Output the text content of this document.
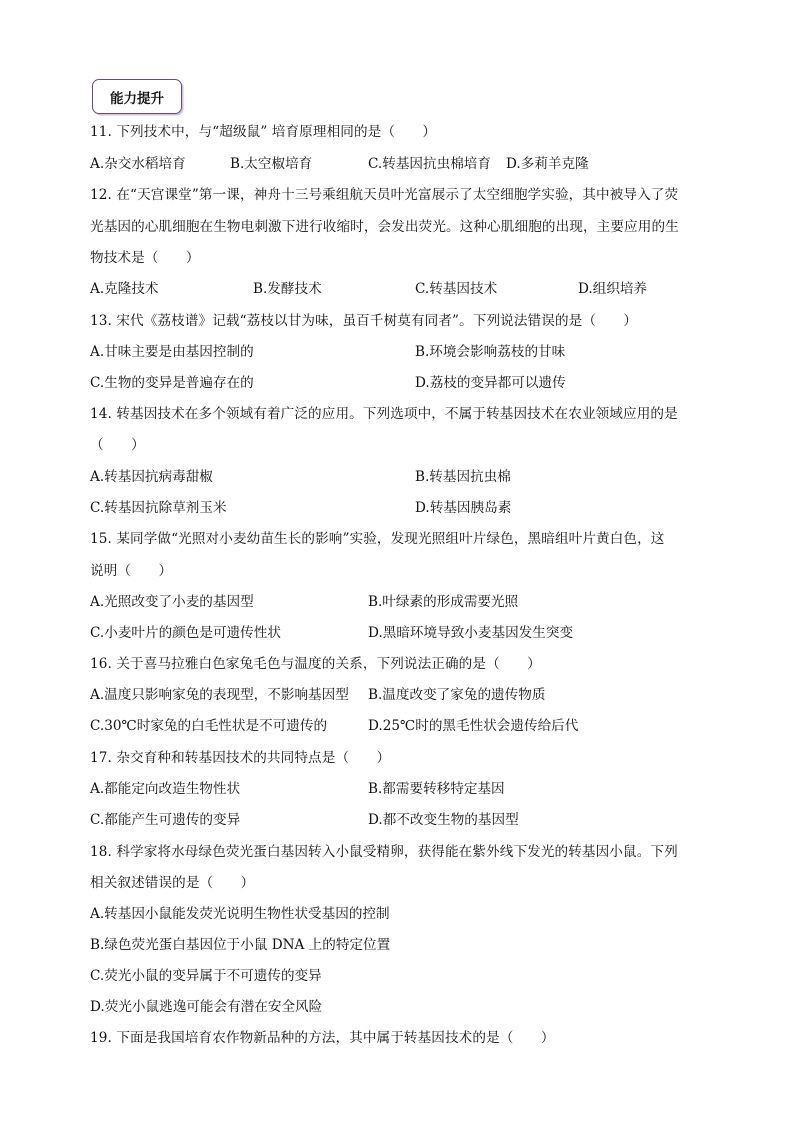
能力提升
11. 下列技术中，与“超级鼠” 培育原理相同的是（　　）
A.杂交水稻培育	B.太空椒培育	C.转基因抗虫棉培育 D.多莉羊克隆
12. 在“天宫课堂”第一课，神舟十三号乘组航天员叶光富展示了太空细胞学实验，其中被导入了荧
光基因的心肌细胞在生物电刺激下进行收缩时，会发出荧光。这种心肌细胞的出现，主要应用的生
物技术是（　　）
A.克隆技术	B.发酵技术	C.转基因技术	D.组织培养
13. 宋代《荔枝谱》记载“荔枝以甘为味，虽百千树莫有同者”。下列说法错误的是（　　）
A.甘味主要是由基因控制的	B.环境会影响荔枝的甘味
C.生物的变异是普遍存在的	D.荔枝的变异都可以遗传
14. 转基因技术在多个领域有着广泛的应用。下列选项中，不属于转基因技术在农业领域应用的是
（　　）
A.转基因抗病毒甜椒	B.转基因抗虫棉
C.转基因抗除草剂玉米	D.转基因胰岛素
15. 某同学做“光照对小麦幼苗生长的影响”实验，发现光照组叶片绿色，黑暗组叶片黄白色，这
说明（　　）
A.光照改变了小麦的基因型	B.叶绿素的形成需要光照
C.小麦叶片的颜色是可遗传性状	D.黑暗环境导致小麦基因发生突变
16. 关于喜马拉雅白色家兔毛色与温度的关系，下列说法正确的是（　　）
A.温度只影响家兔的表现型，不影响基因型 B.温度改变了家兔的遗传物质
C.30℃时家兔的白毛性状是不可遗传的	D.25℃时的黑毛性状会遗传给后代
17. 杂交育种和转基因技术的共同特点是（　　）
A.都能定向改造生物性状	B.都需要转移特定基因
C.都能产生可遗传的变异	D.都不改变生物的基因型
18. 科学家将水母绿色荧光蛋白基因转入小鼠受精卵，获得能在紫外线下发光的转基因小鼠。下列
相关叙述错误的是（　　）
A.转基因小鼠能发荧光说明生物性状受基因的控制
B.绿色荧光蛋白基因位于小鼠 DNA 上的特定位置
C.荧光小鼠的变异属于不可遗传的变异
D.荧光小鼠逃逸可能会有潜在安全风险
19. 下面是我国培育农作物新品种的方法，其中属于转基因技术的是（　　）
